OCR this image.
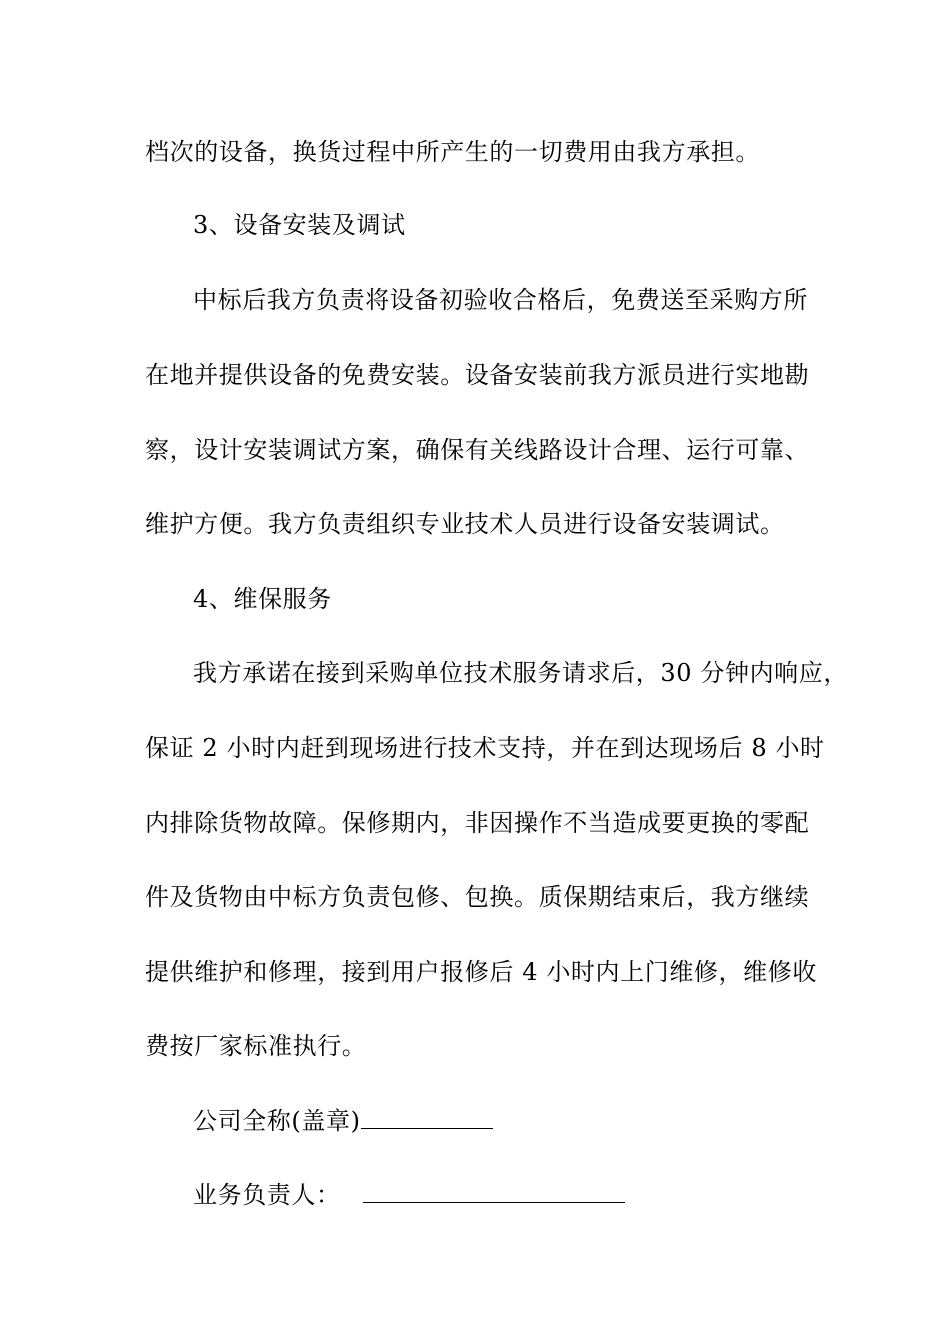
档次的设备，换货过程中所产生的一切费用由我方承担。
3、设备安装及调试
中标后我方负责将设备初验收合格后，免费送至采购方所
在地并提供设备的免费安装。设备安装前我方派员进行实地勘
察，设计安装调试方案，确保有关线路设计合理、运行可靠、
维护方便。我方负责组织专业技术人员进行设备安装调试。
4、维保服务
我方承诺在接到采购单位技术服务请求后，30 分钟内响应，
保证 2 小时内赶到现场进行技术支持，并在到达现场后 8 小时
内排除货物故障。保修期内，非因操作不当造成要更换的零配
件及货物由中标方负责包修、包换。质保期结束后，我方继续
提供维护和修理，接到用户报修后 4 小时内上门维修，维修收
费按厂家标准执行。
公司全称(盖章)
业务负责人：
